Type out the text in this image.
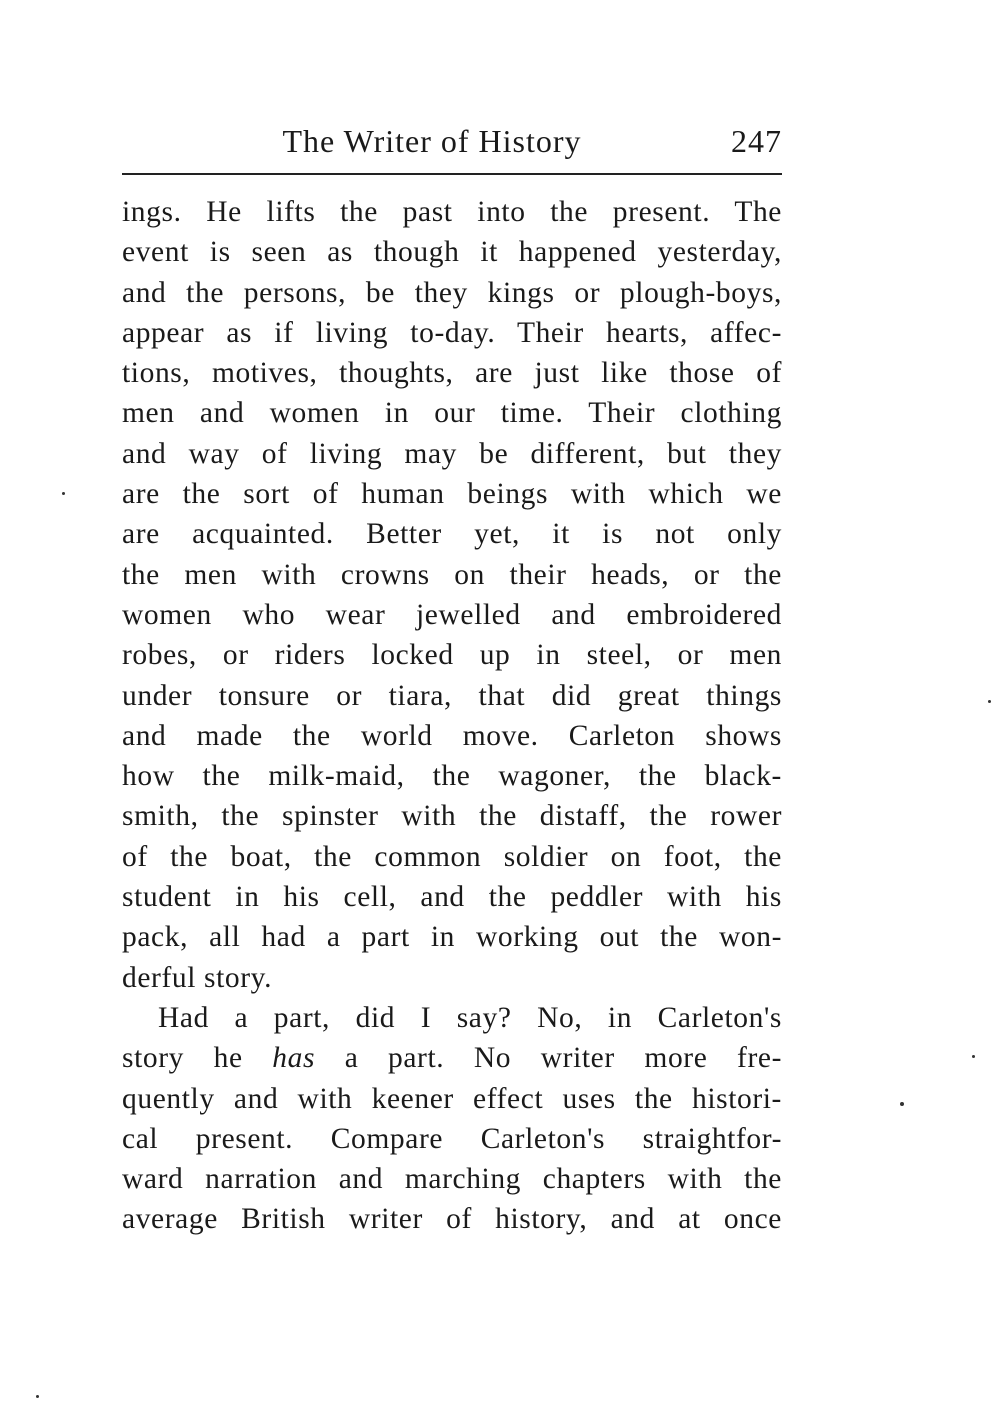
The Writer of History	247
ings. He lifts the past into the present. The
event is seen as though it happened yesterday,
and the persons, be they kings or plough-boys,
appear as if living to-day. Their hearts, affec-
tions, motives, thoughts, are just like those of
men and women in our time. Their clothing
and way of living may be different, but they
are the sort of human beings with which we
are acquainted. Better yet, it is not only
the men with crowns on their heads, or the
women who wear jewelled and embroidered
robes, or riders locked up in steel, or men
under tonsure or tiara, that did great things
and made the world move. Carleton shows
how the milk-maid, the wagoner, the black-
smith, the spinster with the distaff, the rower
of the boat, the common soldier on foot, the
student in his cell, and the peddler with his
pack, all had a part in working out the won-
derful story.
Had a part, did I say? No, in Carleton's
story he has a part. No writer more fre-
quently and with keener effect uses the histori-
cal present. Compare Carleton's straightfor-
ward narration and marching chapters with the
average British writer of history, and at once
